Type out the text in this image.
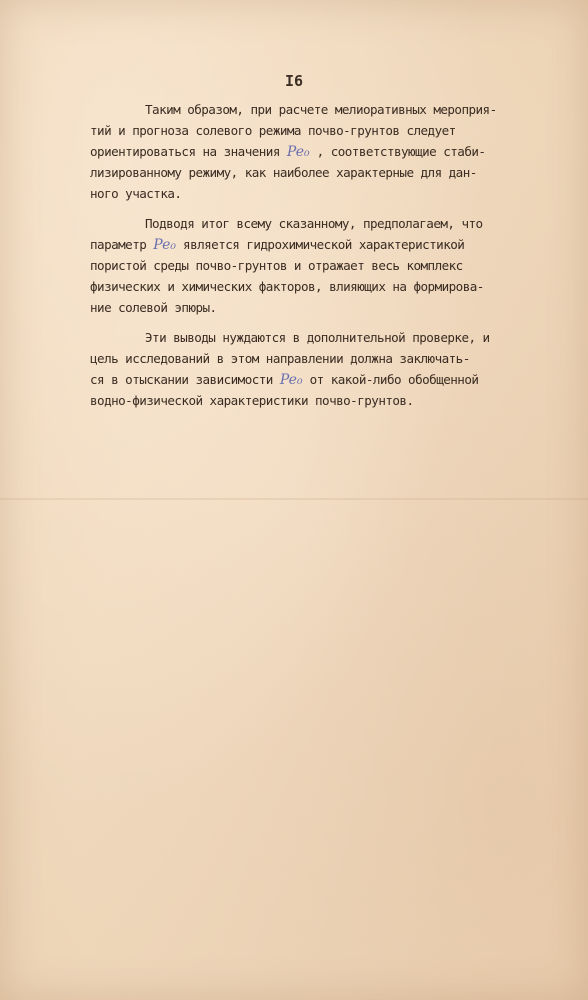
I6

Таким образом, при расчете мелиоративных мероприя-
тий и прогноза солевого режима почво-грунтов следует
ориентироваться на значения Pe₀ , соответствующие стаби-
лизированному режиму, как наиболее характерные для дан-
ного участка.

Подводя итог всему сказанному, предполагаем, что
параметр Pe₀ является гидрохимической характеристикой
пористой среды почво-грунтов и отражает весь комплекс
физических и химических факторов, влияющих на формирова-
ние солевой эпюры.

Эти выводы нуждаются в дополнительной проверке, и
цель исследований в этом направлении должна заключать-
ся в отыскании зависимости Pe₀ от какой-либо обобщенной
водно-физической характеристики почво-грунтов.
